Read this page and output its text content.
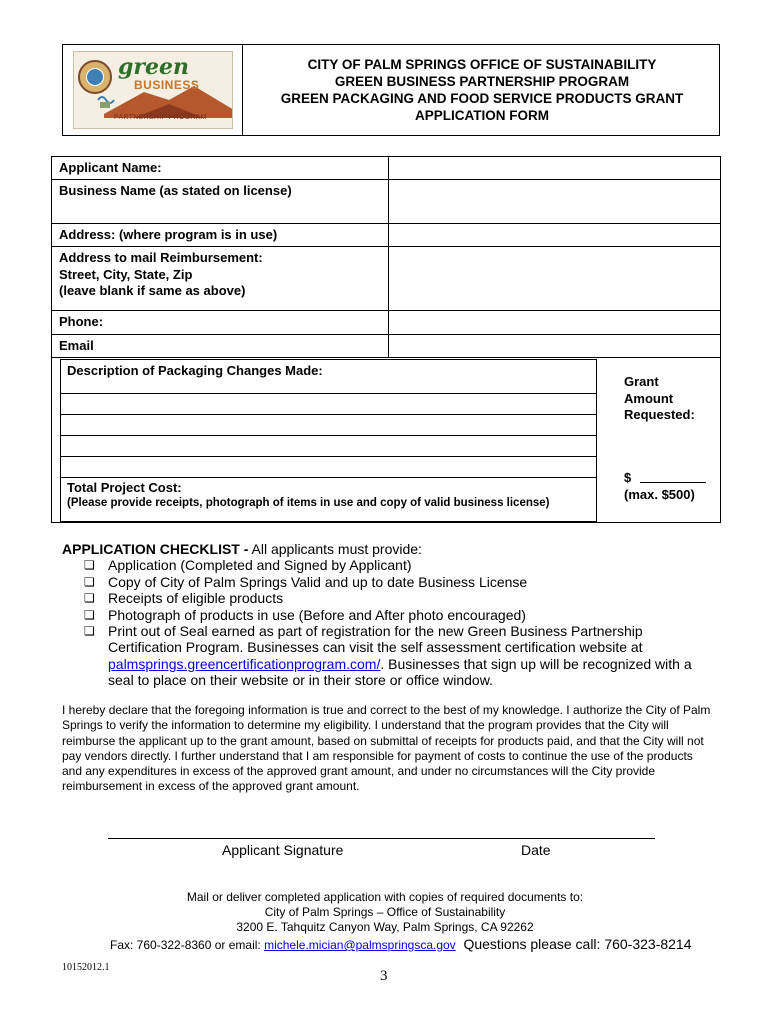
green
BUSINESS
PARTNERSHIP PROGRAM
CITY OF PALM SPRINGS OFFICE OF SUSTAINABILITY
GREEN BUSINESS PARTNERSHIP PROGRAM
GREEN PACKAGING AND FOOD SERVICE PRODUCTS GRANT
APPLICATION FORM
Applicant Name:
Business Name (as stated on license)
Address: (where program is in use)
Address to mail Reimbursement:
Street, City, State, Zip
(leave blank if same as above)
Phone:
Email
Description of Packaging Changes Made:
Total Project Cost:
(Please provide receipts, photograph of items in use and copy of valid business license)
Grant
Amount
Requested:
$
(max. $500)
APPLICATION CHECKLIST - All applicants must provide:
❏ Application (Completed and Signed by Applicant)
❏ Copy of City of Palm Springs Valid and up to date Business License
❏ Receipts of eligible products
❏ Photograph of products in use (Before and After photo encouraged)
❏ Print out of Seal earned as part of registration for the new Green Business Partnership Certification Program. Businesses can visit the self assessment certification website at palmsprings.greencertificationprogram.com/. Businesses that sign up will be recognized with a seal to place on their website or in their store or office window.
I hereby declare that the foregoing information is true and correct to the best of my knowledge. I authorize the City of Palm Springs to verify the information to determine my eligibility. I understand that the program provides that the City will reimburse the applicant up to the grant amount, based on submittal of receipts for products paid, and that the City will not pay vendors directly. I further understand that I am responsible for payment of costs to continue the use of the products and any expenditures in excess of the approved grant amount, and under no circumstances will the City provide reimbursement in excess of the approved grant amount.
Applicant Signature	Date
Mail or deliver completed application with copies of required documents to:
City of Palm Springs – Office of Sustainability
3200 E. Tahquitz Canyon Way, Palm Springs, CA 92262
Fax: 760-322-8360 or email: michele.mician@palmspringsca.gov  Questions please call: 760-323-8214
10152012.1
3
